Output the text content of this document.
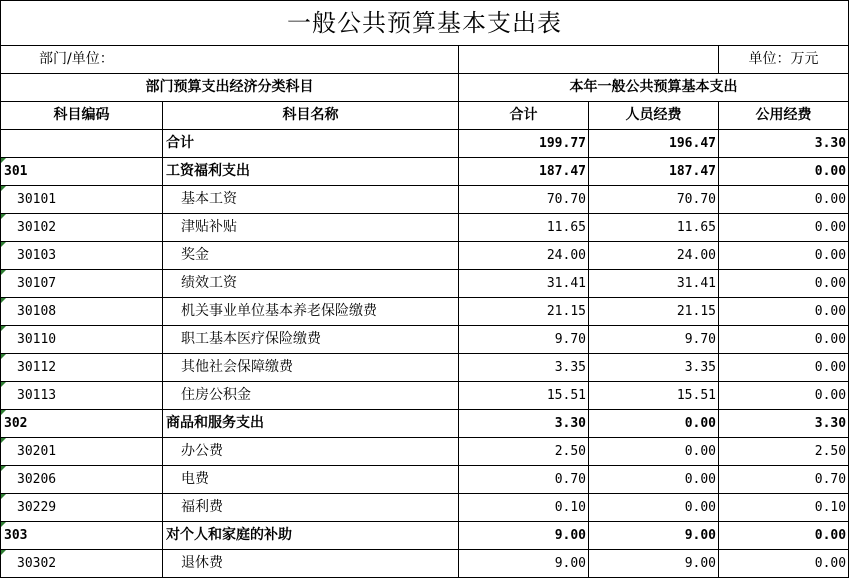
一般公共预算基本支出表				
部门/单位：				单位：万元
部门预算支出经济分类科目		本年一般公共预算基本支出		
科目编码	科目名称	合计	人员经费	公用经费
	合计	199.77	196.47	3.30
301	工资福利支出	187.47	187.47	0.00
30101	基本工资	70.70	70.70	0.00
30102	津贴补贴	11.65	11.65	0.00
30103	奖金	24.00	24.00	0.00
30107	绩效工资	31.41	31.41	0.00
30108	机关事业单位基本养老保险缴费	21.15	21.15	0.00
30110	职工基本医疗保险缴费	9.70	9.70	0.00
30112	其他社会保障缴费	3.35	3.35	0.00
30113	住房公积金	15.51	15.51	0.00
302	商品和服务支出	3.30	0.00	3.30
30201	办公费	2.50	0.00	2.50
30206	电费	0.70	0.00	0.70
30229	福利费	0.10	0.00	0.10
303	对个人和家庭的补助	9.00	9.00	0.00
30302	退休费	9.00	9.00	0.00
